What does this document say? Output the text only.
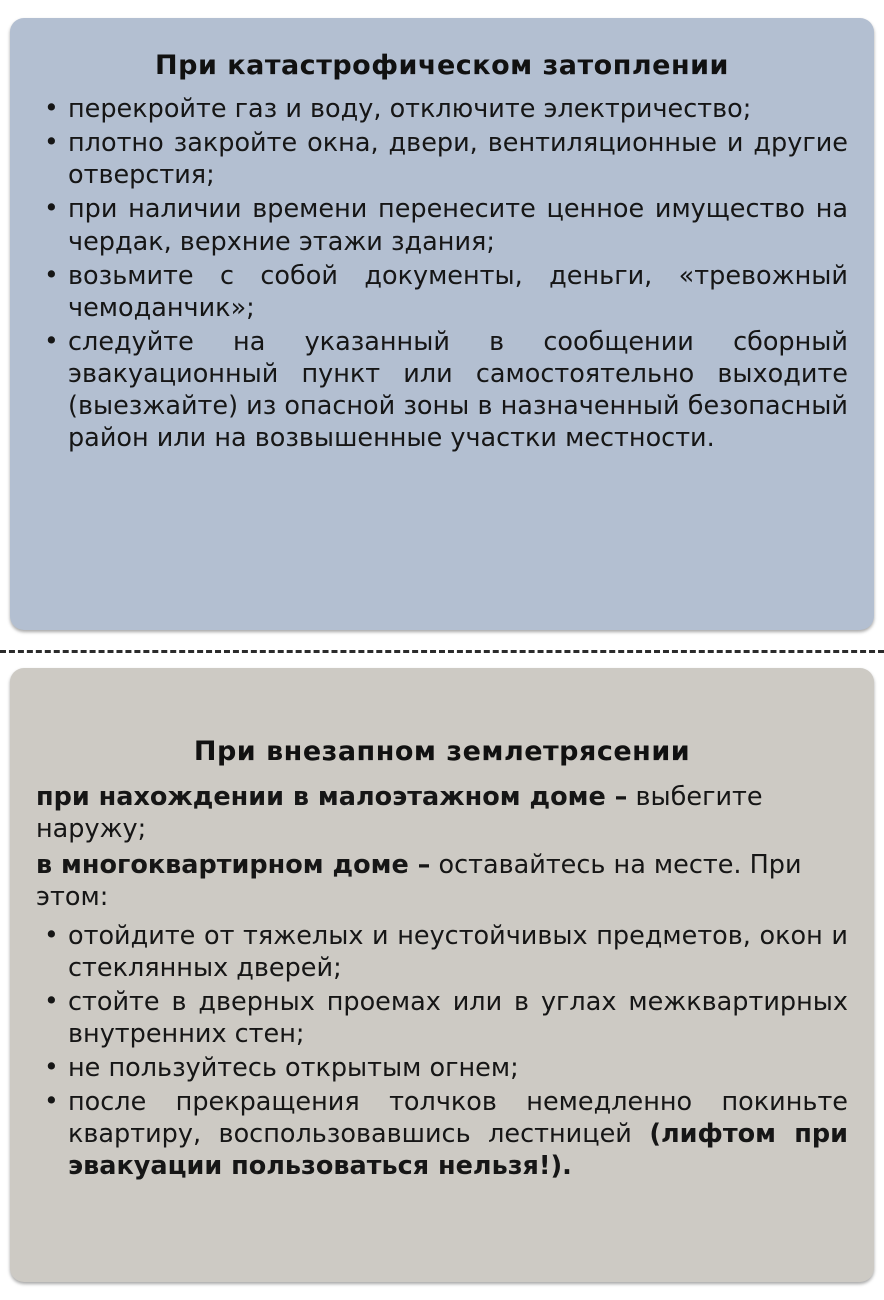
При катастрофическом затоплении
• перекройте газ и воду, отключите электричество;
• плотно закройте окна, двери, вентиляционные и другие отверстия;
• при наличии времени перенесите ценное имущество на чердак, верхние этажи здания;
• возьмите с собой документы, деньги, «тревожный чемоданчик»;
• следуйте на указанный в сообщении сборный эвакуационный пункт или самостоятельно выходите (выезжайте) из опасной зоны в назначенный безопасный район или на возвышенные участки местности.
При внезапном землетрясении

при нахождении в малоэтажном доме – выбегите наружу;

в многоквартирном доме – оставайтесь на месте. При этом:

• отойдите от тяжелых и неустойчивых предметов, окон и стеклянных дверей;
• стойте в дверных проемах или в углах межквартирных внутренних стен;
• не пользуйтесь открытым огнем;
• после прекращения толчков немедленно покиньте квартиру, воспользовавшись лестницей (лифтом при эвакуации пользоваться нельзя!).
